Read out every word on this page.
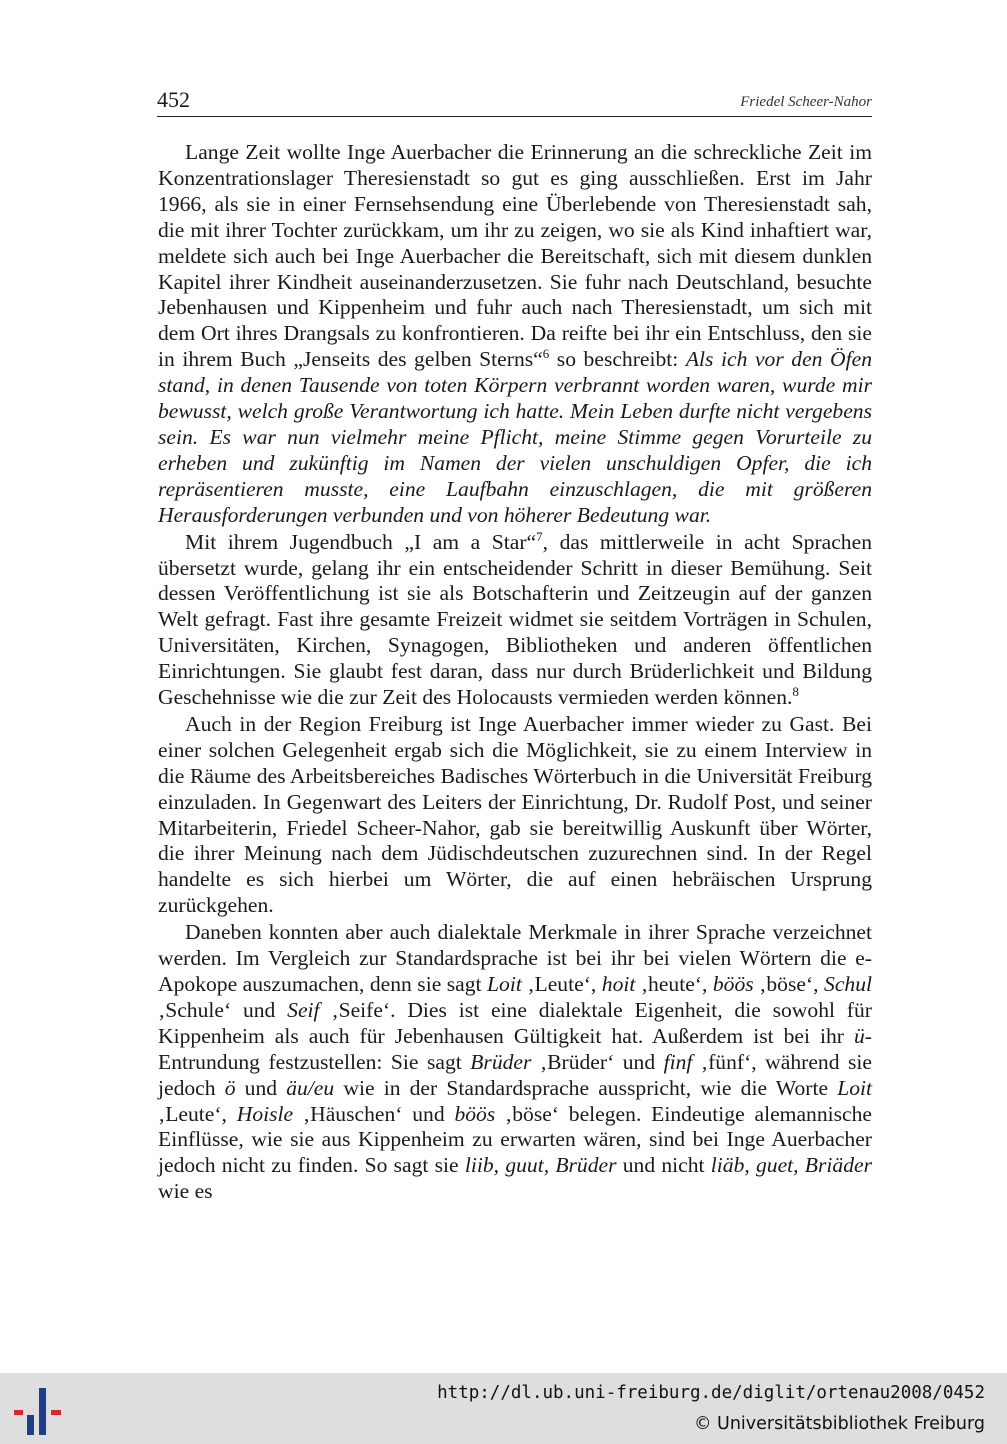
452	Friedel Scheer-Nahor

Lange Zeit wollte Inge Auerbacher die Erinnerung an die schreckliche Zeit im Konzentrationslager Theresienstadt so gut es ging ausschließen. Erst im Jahr 1966, als sie in einer Fernsehsendung eine Überlebende von Theresienstadt sah, die mit ihrer Tochter zurückkam, um ihr zu zeigen, wo sie als Kind inhaftiert war, meldete sich auch bei Inge Auerbacher die Bereitschaft, sich mit diesem dunklen Kapitel ihrer Kindheit auseinanderzusetzen. Sie fuhr nach Deutschland, besuchte Jebenhausen und Kippenheim und fuhr auch nach Theresienstadt, um sich mit dem Ort ihres Drangsals zu konfrontieren. Da reifte bei ihr ein Entschluss, den sie in ihrem Buch „Jenseits des gelben Sterns“$^6$ so beschreibt: Als ich vor den Öfen stand, in denen Tausende von toten Körpern verbrannt worden waren, wurde mir bewusst, welch große Verantwortung ich hatte. Mein Leben durfte nicht vergebens sein. Es war nun vielmehr meine Pflicht, meine Stimme gegen Vorurteile zu erheben und zukünftig im Namen der vielen unschuldigen Opfer, die ich repräsentieren musste, eine Laufbahn einzuschlagen, die mit größeren Herausforderungen verbunden und von höherer Bedeutung war.

Mit ihrem Jugendbuch „I am a Star“$^7$, das mittlerweile in acht Sprachen übersetzt wurde, gelang ihr ein entscheidender Schritt in dieser Bemühung. Seit dessen Veröffentlichung ist sie als Botschafterin und Zeitzeugin auf der ganzen Welt gefragt. Fast ihre gesamte Freizeit widmet sie seitdem Vorträgen in Schulen, Universitäten, Kirchen, Synagogen, Bibliotheken und anderen öffentlichen Einrichtungen. Sie glaubt fest daran, dass nur durch Brüderlichkeit und Bildung Geschehnisse wie die zur Zeit des Holocausts vermieden werden können.$^8$

Auch in der Region Freiburg ist Inge Auerbacher immer wieder zu Gast. Bei einer solchen Gelegenheit ergab sich die Möglichkeit, sie zu einem Interview in die Räume des Arbeitsbereiches Badisches Wörterbuch in die Universität Freiburg einzuladen. In Gegenwart des Leiters der Einrichtung, Dr. Rudolf Post, und seiner Mitarbeiterin, Friedel Scheer-Nahor, gab sie bereitwillig Auskunft über Wörter, die ihrer Meinung nach dem Jüdischdeutschen zuzurechnen sind. In der Regel handelte es sich hierbei um Wörter, die auf einen hebräischen Ursprung zurückgehen.

Daneben konnten aber auch dialektale Merkmale in ihrer Sprache verzeichnet werden. Im Vergleich zur Standardsprache ist bei ihr bei vielen Wörtern die e-Apokope auszumachen, denn sie sagt Loit ‚Leute‘, hoit ‚heute‘, böös ‚böse‘, Schul ‚Schule‘ und Seif ‚Seife‘. Dies ist eine dialektale Eigenheit, die sowohl für Kippenheim als auch für Jebenhausen Gültigkeit hat. Außerdem ist bei ihr ü-Entrundung festzustellen: Sie sagt Brüder ‚Brüder‘ und finf ‚fünf‘, während sie jedoch ö und äu/eu wie in der Standardsprache ausspricht, wie die Worte Loit ‚Leute‘, Hoisle ‚Häuschen‘ und böös ‚böse‘ belegen. Eindeutige alemannische Einflüsse, wie sie aus Kippenheim zu erwarten wären, sind bei Inge Auerbacher jedoch nicht zu finden. So sagt sie liib, guut, Brüder und nicht liäb, guet, Briäder wie es

http://dl.ub.uni-freiburg.de/diglit/ortenau2008/0452
© Universitätsbibliothek Freiburg
